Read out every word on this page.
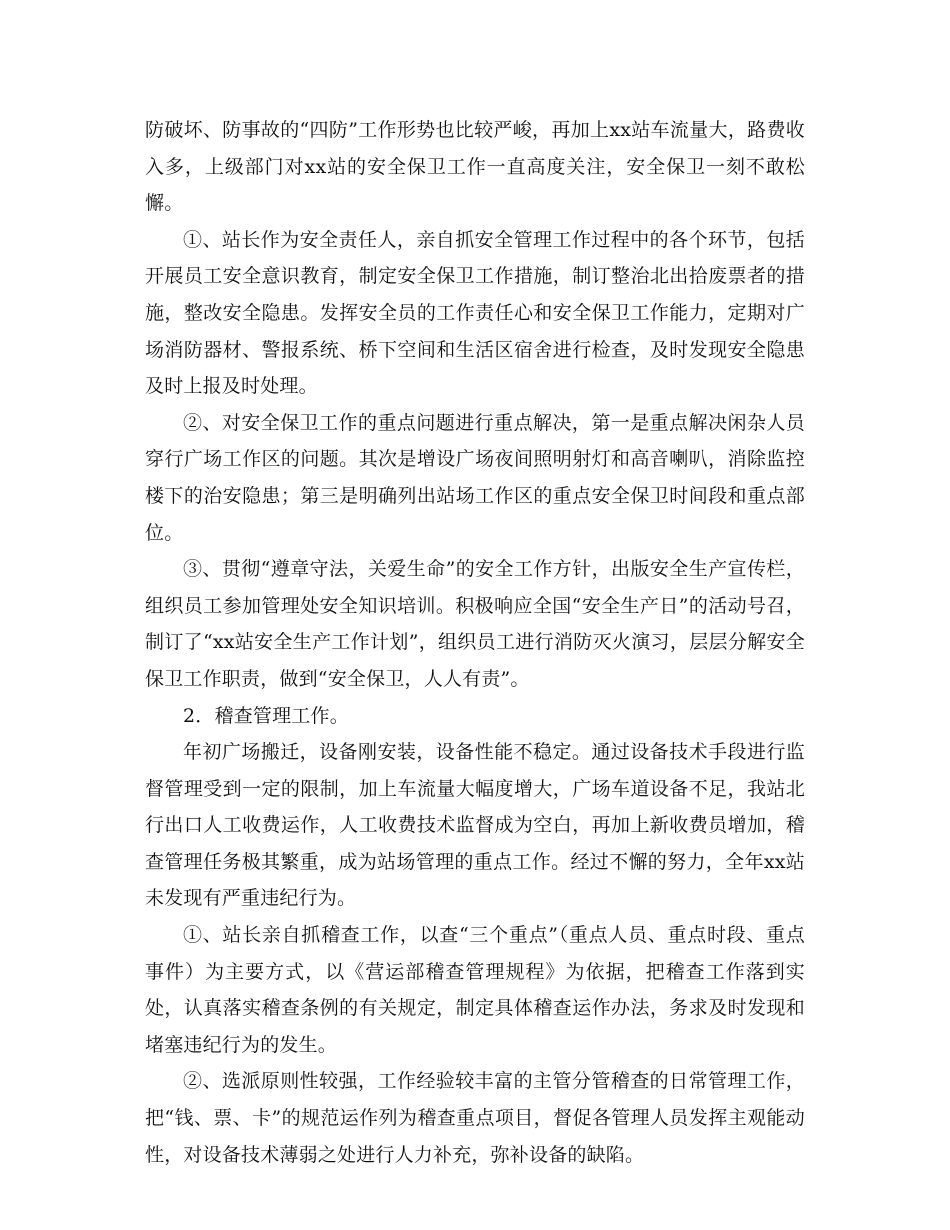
防破坏、防事故的“四防”工作形势也比较严峻，再加上xx站车流量大，路费收入多，上级部门对xx站的安全保卫工作一直高度关注，安全保卫一刻不敢松懈。

①、站长作为安全责任人，亲自抓安全管理工作过程中的各个环节，包括开展员工安全意识教育，制定安全保卫工作措施，制订整治北出拾废票者的措施，整改安全隐患。发挥安全员的工作责任心和安全保卫工作能力，定期对广场消防器材、警报系统、桥下空间和生活区宿舍进行检查，及时发现安全隐患及时上报及时处理。

②、对安全保卫工作的重点问题进行重点解决，第一是重点解决闲杂人员穿行广场工作区的问题。其次是增设广场夜间照明射灯和高音喇叭，消除监控楼下的治安隐患；第三是明确列出站场工作区的重点安全保卫时间段和重点部位。

③、贯彻“遵章守法，关爱生命”的安全工作方针，出版安全生产宣传栏，组织员工参加管理处安全知识培训。积极响应全国“安全生产日”的活动号召，制订了“xx站安全生产工作计划”，组织员工进行消防灭火演习，层层分解安全保卫工作职责，做到“安全保卫，人人有责”。

2．稽查管理工作。

年初广场搬迁，设备刚安装，设备性能不稳定。通过设备技术手段进行监督管理受到一定的限制，加上车流量大幅度增大，广场车道设备不足，我站北行出口人工收费运作，人工收费技术监督成为空白，再加上新收费员增加，稽查管理任务极其繁重，成为站场管理的重点工作。经过不懈的努力，全年xx站未发现有严重违纪行为。

①、站长亲自抓稽查工作，以查“三个重点”（重点人员、重点时段、重点事件）为主要方式，以《营运部稽查管理规程》为依据，把稽查工作落到实处，认真落实稽查条例的有关规定，制定具体稽查运作办法，务求及时发现和堵塞违纪行为的发生。

②、选派原则性较强，工作经验较丰富的主管分管稽查的日常管理工作，把“钱、票、卡”的规范运作列为稽查重点项目，督促各管理人员发挥主观能动性，对设备技术薄弱之处进行人力补充，弥补设备的缺陷。
